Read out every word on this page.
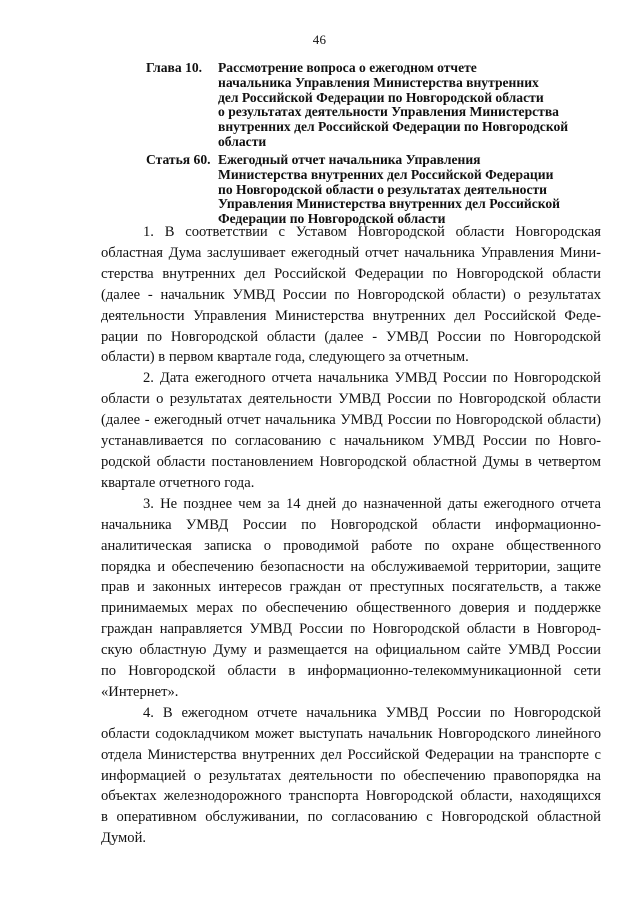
46
Глава 10. Рассмотрение вопроса о ежегодном отчете
начальника Управления Министерства внутренних
дел Российской Федерации по Новгородской области
о результатах деятельности Управления Министерства
внутренних дел Российской Федерации по Новгородской
области
Статья 60. Ежегодный отчет начальника Управления
Министерства внутренних дел Российской Федерации
по Новгородской области о результатах деятельности
Управления Министерства внутренних дел Российской
Федерации по Новгородской области

1. В соответствии с Уставом Новгородской области Новгородская
областная Дума заслушивает ежегодный отчет начальника Управления Мини-
стерства внутренних дел Российской Федерации по Новгородской области
(далее - начальник УМВД России по Новгородской области) о результатах
деятельности Управления Министерства внутренних дел Российской Феде-
рации по Новгородской области (далее - УМВД России по Новгородской
области) в первом квартале года, следующего за отчетным.

2. Дата ежегодного отчета начальника УМВД России по Новгородской
области о результатах деятельности УМВД России по Новгородской области
(далее - ежегодный отчет начальника УМВД России по Новгородской области)
устанавливается по согласованию с начальником УМВД России по Новго-
родской области постановлением Новгородской областной Думы в четвертом
квартале отчетного года.

3. Не позднее чем за 14 дней до назначенной даты ежегодного отчета
начальника УМВД России по Новгородской области информационно-
аналитическая записка о проводимой работе по охране общественного
порядка и обеспечению безопасности на обслуживаемой территории, защите
прав и законных интересов граждан от преступных посягательств, а также
принимаемых мерах по обеспечению общественного доверия и поддержке
граждан направляется УМВД России по Новгородской области в Новгород-
скую областную Думу и размещается на официальном сайте УМВД России
по Новгородской области в информационно-телекоммуникационной сети
«Интернет».

4. В ежегодном отчете начальника УМВД России по Новгородской
области содокладчиком может выступать начальник Новгородского линейного
отдела Министерства внутренних дел Российской Федерации на транспорте с
информацией о результатах деятельности по обеспечению правопорядка на
объектах железнодорожного транспорта Новгородской области, находящихся
в оперативном обслуживании, по согласованию с Новгородской областной
Думой.
